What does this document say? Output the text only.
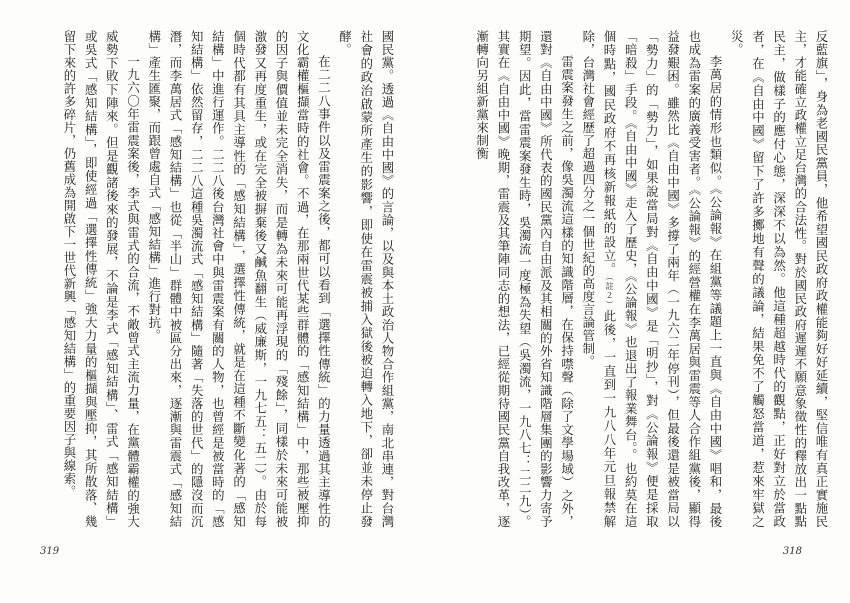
反藍旗」，身為老國民黨員，他希望國民政府政權能夠好好延續，堅信唯有真正實施民主，才能確立政權立足台灣的合法性。對於國民政府遲遲不願意象徵性的釋放出一點點民主，做樣子的應付心態，深深不以為然。他這種超越時代的觀點，正好對立於當政者，在《自由中國》留下了許多擲地有聲的議論，結果免不了觸怒當道，惹來牢獄之災。

李萬居的情形也類似。《公論報》在組黨等議題上一直與《自由中國》唱和，最後也成為雷案的廣義受害者。《公論報》的經營權在李萬居與雷震等人合作組黨後，顯得益發艱困。雖然比《自由中國》多撐了兩年（一九六二年停刊），但最後還是被當局以「勢力」的「勢力」，如果說當局對《自由中國》是「明抄」，對《公論報》便是採取「暗殺」手段。《自由中國》走入了歷史，《公論報》也退出了報業舞台。。也約莫在這個時點，國民政府不再核新報紙的設立。（註２）此後，一直到一九八八年元旦報禁解除，台灣社會經歷了超過四分之一個世紀的高度言論管制。

雷震案發生之前，像吳濁流這樣的知識階層，在保持噤聲（除了文學場域）之外，還對《自由中國》所代表的國民黨內自由派及其相關的外省知識階層集團的影響力寄予期望。因此，當雷震案發生時，吳濁流一度極為失望（吳濁流，一九八七：二二九）。其實在《自由中國》晚期，雷震及其筆陣同志的想法，已經從期待國民黨自我改革，逐漸轉向另組新黨來制衡

318

國民黨。透過《自由中國》的言論，以及與本土政治人物合作組黨，南北串連，對台灣社會的政治啟蒙所產生的影響，即使在雷震被捕入獄後被迫轉入地下，卻並未停止發酵。

在二二八事件以及雷震案之後，都可以看到「選擇性傳統」的力量透過其主導性的文化霸權樞擷當時的社會。不過，在那兩世代某些群體的「感知結構」中，那些被壓抑的因子與價值並未完全消失，而是轉為未來可能再浮現的「殘餘」，同樣於未來可能被激發又再度重生，或在完全被摒棄後又鹹魚翻生（威廉斯，一九七五：五二）。由於每個時代都有其具主導性的「感知結構」，選擇性傳統，就是在這種不斷變化著的「感知結構」中進行運作。二二八後台灣社會中與雷震案有關的人物，也曾經是被當時的「感知結構」依然留存，二二八這種吳濁流式「感知結構」隨著「失落的世代」的隱沒而沉潛，而李萬居式「感知結構」也從「半山」群體中被區分出來，逐漸與雷震式「感知結構」產生匯聚，而跟曾處自式「感知結構」進行對抗。

一九六〇年雷震案後，李式與雷式的合流，不敵曾式主流力量，在黨體霸權的強大威勢下敗下陣來。但是觀諸後來的發展，不論是李式「感知結構」、雷式「感知結構」或吳式「感知結構」，即使經過「選擇性傳統」強大力量的樞擷與壓抑，其所散落、幾留下來的許多碎片，仍舊成為開啟下一世代新興「感知結構」的重要因子與線索。

319
